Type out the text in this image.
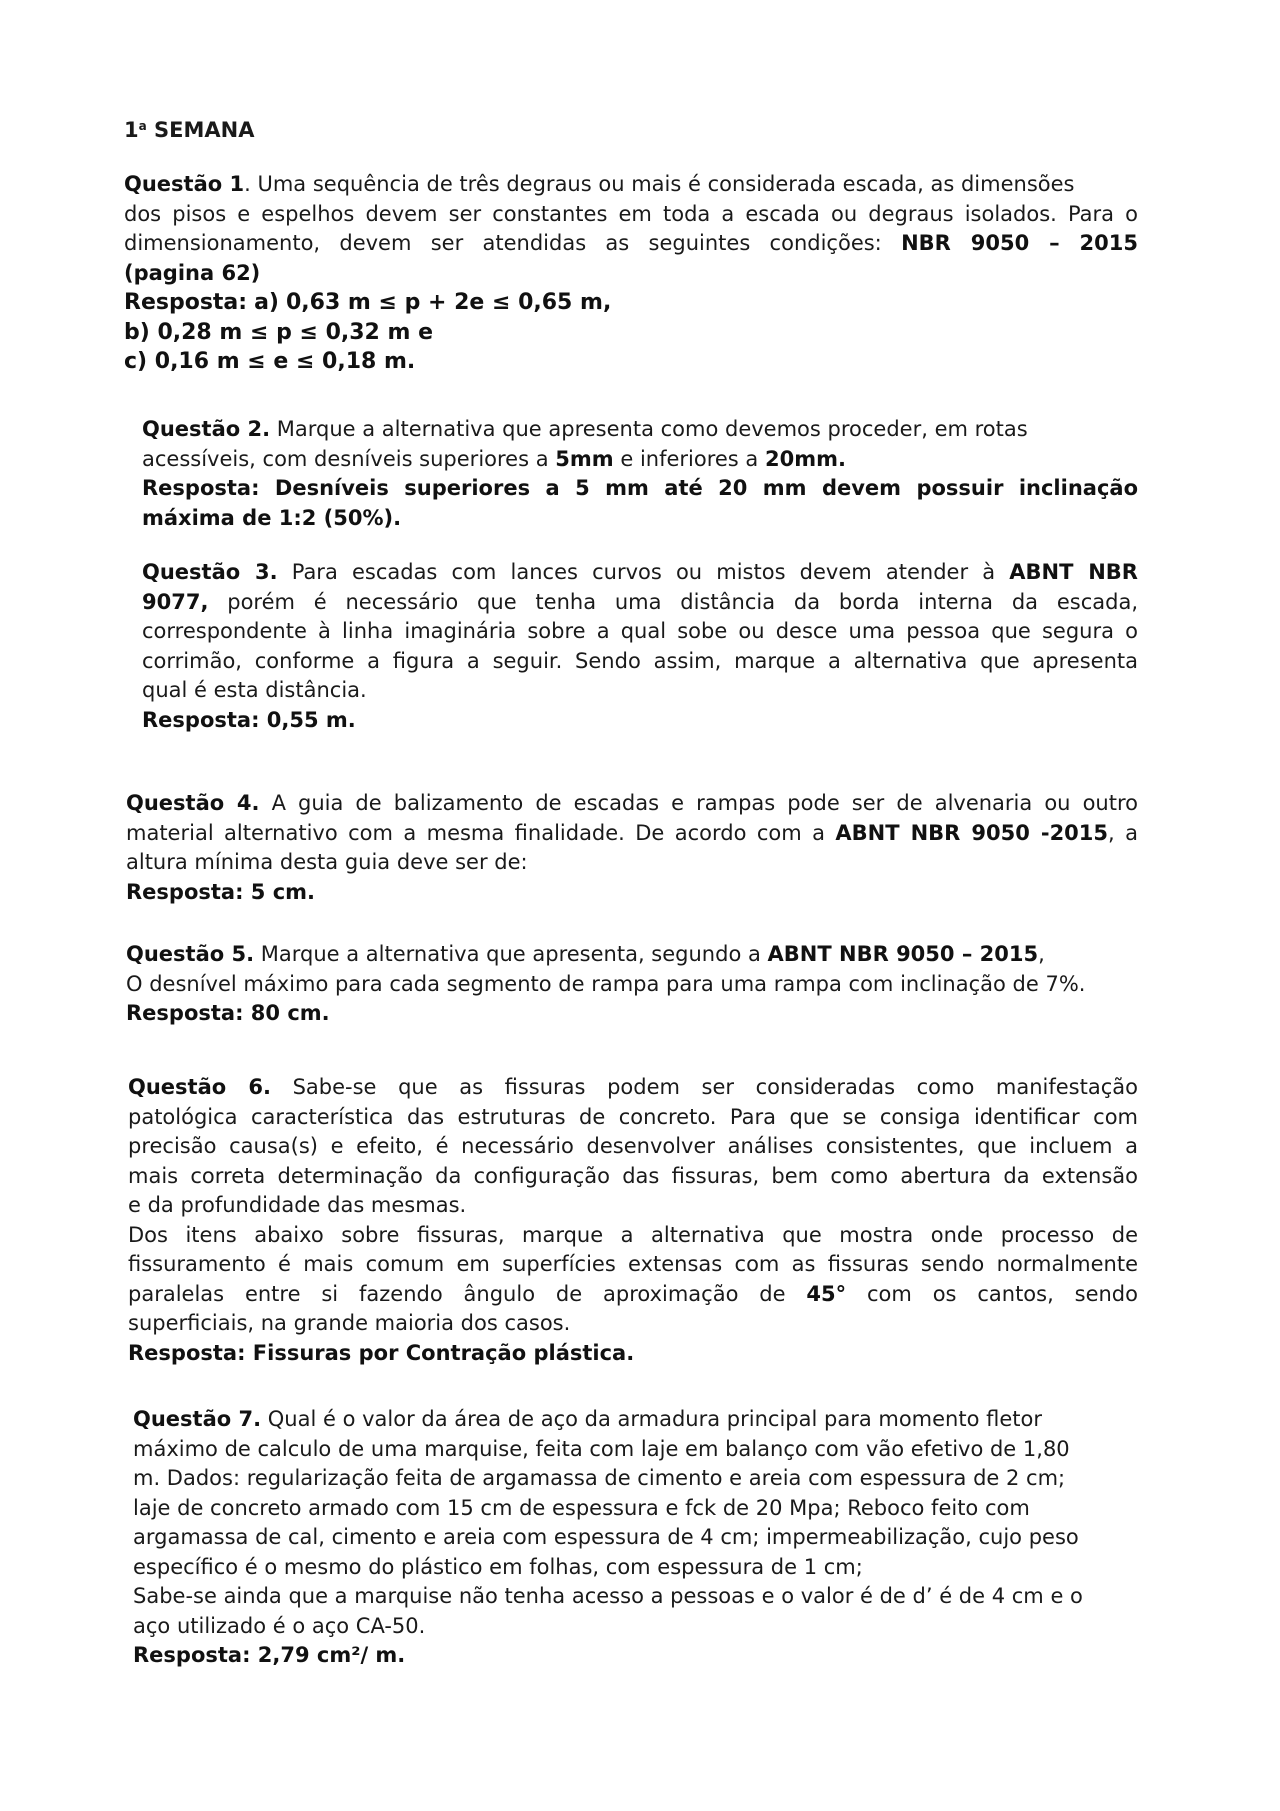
1$^a$ SEMANA
Questão 1. Uma sequência de três degraus ou mais é considerada escada, as dimensões
dos pisos e espelhos devem ser constantes em toda a escada ou degraus isolados. Para o
dimensionamento, devem ser atendidas as seguintes condições: NBR 9050 – 2015
(pagina 62)
Resposta: a) 0,63 m ≤ p + 2e ≤ 0,65 m,
b) 0,28 m ≤ p ≤ 0,32 m e
c) 0,16 m ≤ e ≤ 0,18 m.
Questão 2. Marque a alternativa que apresenta como devemos proceder, em rotas
acessíveis, com desníveis superiores a 5mm e inferiores a 20mm.
Resposta: Desníveis superiores a 5 mm até 20 mm devem possuir inclinação
máxima de 1:2 (50%).
Questão 3. Para escadas com lances curvos ou mistos devem atender à ABNT NBR
9077, porém é necessário que tenha uma distância da borda interna da escada,
correspondente à linha imaginária sobre a qual sobe ou desce uma pessoa que segura o
corrimão, conforme a figura a seguir. Sendo assim, marque a alternativa que apresenta
qual é esta distância.
Resposta: 0,55 m.
Questão 4. A guia de balizamento de escadas e rampas pode ser de alvenaria ou outro
material alternativo com a mesma finalidade. De acordo com a ABNT NBR 9050 -2015, a
altura mínima desta guia deve ser de:
Resposta: 5 cm.
Questão 5. Marque a alternativa que apresenta, segundo a ABNT NBR 9050 – 2015,
O desnível máximo para cada segmento de rampa para uma rampa com inclinação de 7%.
Resposta: 80 cm.
Questão 6. Sabe-se que as fissuras podem ser consideradas como manifestação
patológica característica das estruturas de concreto. Para que se consiga identificar com
precisão causa(s) e efeito, é necessário desenvolver análises consistentes, que incluem a
mais correta determinação da configuração das fissuras, bem como abertura da extensão
e da profundidade das mesmas.
Dos itens abaixo sobre fissuras, marque a alternativa que mostra onde processo de
fissuramento é mais comum em superfícies extensas com as fissuras sendo normalmente
paralelas entre si fazendo ângulo de aproximação de 45° com os cantos, sendo
superficiais, na grande maioria dos casos.
Resposta: Fissuras por Contração plástica.
Questão 7. Qual é o valor da área de aço da armadura principal para momento fletor
máximo de calculo de uma marquise, feita com laje em balanço com vão efetivo de 1,80
m. Dados: regularização feita de argamassa de cimento e areia com espessura de 2 cm;
laje de concreto armado com 15 cm de espessura e fck de 20 Mpa; Reboco feito com
argamassa de cal, cimento e areia com espessura de 4 cm; impermeabilização, cujo peso
específico é o mesmo do plástico em folhas, com espessura de 1 cm;
Sabe-se ainda que a marquise não tenha acesso a pessoas e o valor é de d’ é de 4 cm e o
aço utilizado é o aço CA-50.
Resposta: 2,79 cm²/ m.
